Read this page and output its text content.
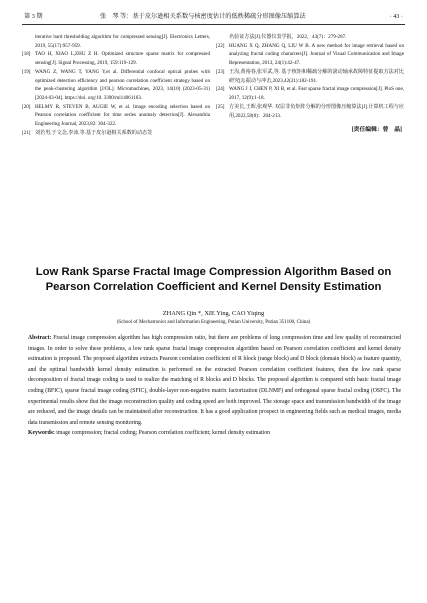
第 3 期	张　琴 等：基于皮尔逊相关系数与核密度估计的低秩稀疏分形图像压缩算法	· 43 ·

iterative hard thresholding algorithm for compressed sensing[J]. Electronics Letters, 2019, 55(17):957-959.

[18] TAO H, XIAO L,ZHU Z H. Optimized structure sparse matrix for compressed sensing[J]. Signal Processing, 2019, 159:119-129.

[19] WANG Z, WANG T, YANG Y,et al. Differential confocal optical probes with optimized detection efficiency and pearson correlation coefficient strategy based on the peak-clustering algorithm [J/OL]. Micromachines, 2023, 14(10) (2023-05-31) [2024-03-04]. https://doi. org/10. 3390/mi14061163.

[20] HELMY R, STEVEN B, AUGIE W, et al. Image encoding selection based on Pearson correlation coefficient for time series anomaly detection[J]. Alexandria Engineering Journal, 2023,82: 304-322.

[21] 刘若男,于文念,李沛,等.基于皮尔逊相关系数的动态签

名验证方法[J].仪器仪表学报，2022，43(7)：279-287.

[22] HUANG X Q, ZHANG Q, LIU W B. A new method for image retrieval based on analyzing fractal coding characters[J]. Journal of Visual Communication and Image Representation, 2013, 24(1):42-47.

[23] 王沟,黄裕春,张军武,等. 基于核矩和稀疏分解的滚动轴承故障特征提取方法对比研究[J].振动与冲击,2023,42(21):182-191.

[24] WANG J J, CHEN P, XI B, et al. Fast sparse fractal image compression[J]. PloS one, 2017, 12(9):1-18.

[25] 方美长,王晖,张观华. 双层非负矩阵分解的分形图像压缩算法[J].计算机工程与应用,2022,58(8)：204-213.

[责任编辑：曾　晶]
Low Rank Sparse Fractal Image Compression Algorithm Based on Pearson Correlation Coefficient and Kernel Density Estimation
ZHANG Qin *, XIE Ying, CAO Yiqing
(School of Mechatronics and Information Engineering, Putian University, Putian 351100, China)
Abstract: Fractal image compression algorithm has high compression ratio, but there are problems of long compression time and low quality of reconstructed images. In order to solve these problems, a low rank sparse fractal image compression algorithm based on Pearson correlation coefficient and kernel density estimation is proposed. The proposed algorithm extracts Pearson correlation coefficient of R block (range block) and D block (domain block) as feature quantity, and the optimal bandwidth kernel density estimation is performed on the extracted Pearson correlation coefficient features, then the low rank sparse decomposition of fractal image coding is used to realize the matching of R blocks and D blocks. The proposed algorithm is compared with basic fractal image coding (BFIC), sparse fractal image coding (SFIC), double-layer non-negative matrix factorization (DLNMF) and orthogonal sparse fractal coding (OSFC). The experimental results show that the image reconstruction quality and coding speed are both improved. The storage space and transmission bandwidth of the image are reduced, and the image details can be maintained after reconstruction. It has a good application prospect in engineering fields such as medical images, media data transmission and remote sensing monitoring.
Keywords: image compression; fractal coding; Pearson correlation coefficient; kernel density estimation
